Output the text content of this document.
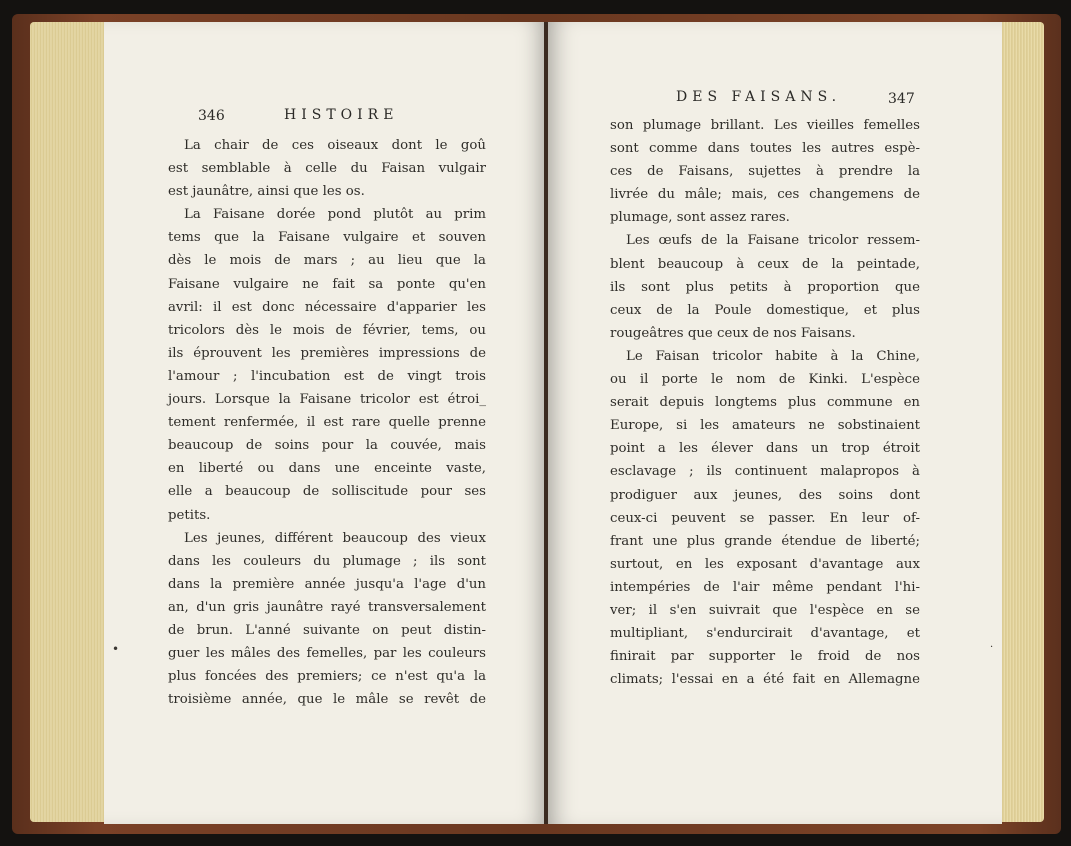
346	HISTOIRE
La chair de ces oiseaux dont le goû
est semblable à celle du Faisan vulgair
est jaunâtre, ainsi que les os.
La Faisane dorée pond plutôt au prim
tems que la Faisane vulgaire et souven
dès le mois de mars ; au lieu que la
Faisane vulgaire ne fait sa ponte qu'en
avril: il est donc nécessaire d'apparier les
tricolors dès le mois de février, tems, ou
ils éprouvent les premières impressions de
l'amour ; l'incubation est de vingt trois
jours. Lorsque la Faisane tricolor est étroi_
tement renfermée, il est rare quelle prenne
beaucoup de soins pour la couvée, mais
en liberté ou dans une enceinte vaste,
elle a beaucoup de solliscitude pour ses
petits.
Les jeunes, différent beaucoup des vieux
dans les couleurs du plumage ; ils sont
dans la première année jusqu'a l'age d'un
an, d'un gris jaunâtre rayé transversalement
de brun. L'anné suivante on peut distin-
guer les mâles des femelles, par les couleurs
plus foncées des premiers; ce n'est qu'a la
troisième année, que le mâle se revêt de
•
DES FAISANS.	347
son plumage brillant. Les vieilles femelles
sont comme dans toutes les autres espè-
ces de Faisans, sujettes à prendre la
livrée du mâle; mais, ces changemens de
plumage, sont assez rares.
Les œufs de la Faisane tricolor ressem-
blent beaucoup à ceux de la peintade,
ils sont plus petits à proportion que
ceux de la Poule domestique, et plus
rougeâtres que ceux de nos Faisans.
Le Faisan tricolor habite à la Chine,
ou il porte le nom de Kinki. L'espèce
serait depuis longtems plus commune en
Europe, si les amateurs ne sobstinaient
point a les élever dans un trop étroit
esclavage ; ils continuent malapropos à
prodiguer aux jeunes, des soins dont
ceux-ci peuvent se passer. En leur of-
frant une plus grande étendue de liberté;
surtout, en les exposant d'avantage aux
intempéries de l'air même pendant l'hi-
ver; il s'en suivrait que l'espèce en se
multipliant, s'endurcirait d'avantage, et
finirait par supporter le froid de nos
climats; l'essai en a été fait en Allemagne
·
